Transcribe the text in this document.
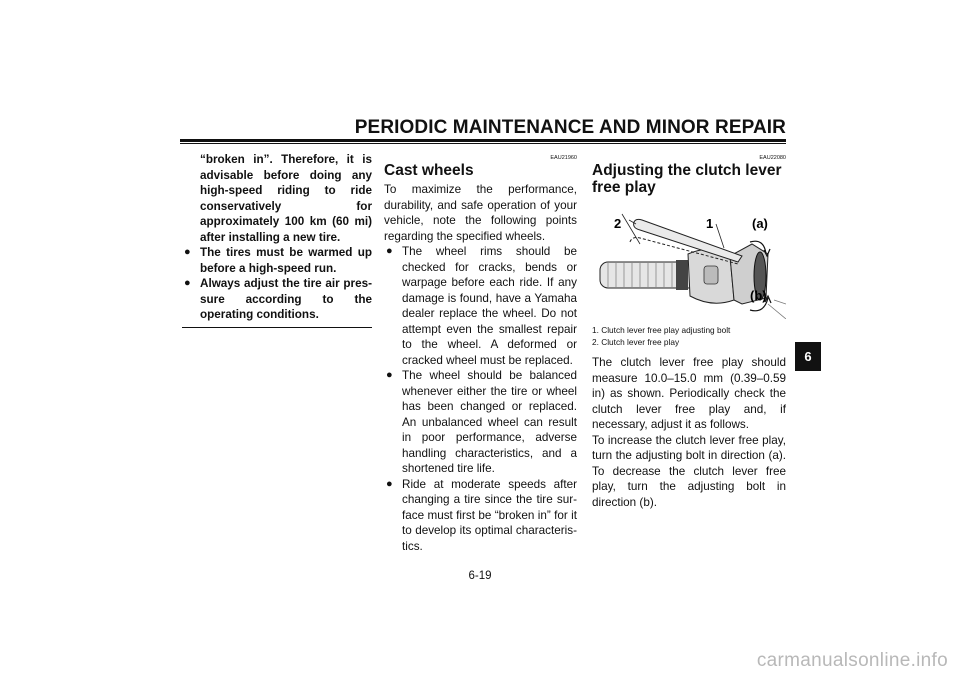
PERIODIC MAINTENANCE AND MINOR REPAIR
“broken in”. Therefore, it is advisable before doing any high-speed riding to ride conservatively for approximately 100 km (60 mi) after installing a new tire.
● The tires must be warmed up before a high-speed run.
● Always adjust the tire air pressure according to the operating conditions.
EAU21960
Cast wheels
To maximize the performance, durability, and safe operation of your vehicle, note the following points regarding the specified wheels.
● The wheel rims should be checked for cracks, bends or warpage before each ride. If any damage is found, have a Yamaha dealer replace the wheel. Do not attempt even the smallest repair to the wheel. A deformed or cracked wheel must be replaced.
● The wheel should be balanced whenever either the tire or wheel has been changed or replaced. An unbalanced wheel can result in poor performance, adverse handling characteristics, and a shortened tire life.
● Ride at moderate speeds after changing a tire since the tire surface must first be “broken in” for it to develop its optimal characteristics.
EAU22080
Adjusting the clutch lever free play
2	1	(a)
(b)
1. Clutch lever free play adjusting bolt
2. Clutch lever free play
The clutch lever free play should measure 10.0–15.0 mm (0.39–0.59 in) as shown. Periodically check the clutch lever free play and, if necessary, adjust it as follows.
To increase the clutch lever free play, turn the adjusting bolt in direction (a). To decrease the clutch lever free play, turn the adjusting bolt in direction (b).
6
6-19
carmanualsonline.info
